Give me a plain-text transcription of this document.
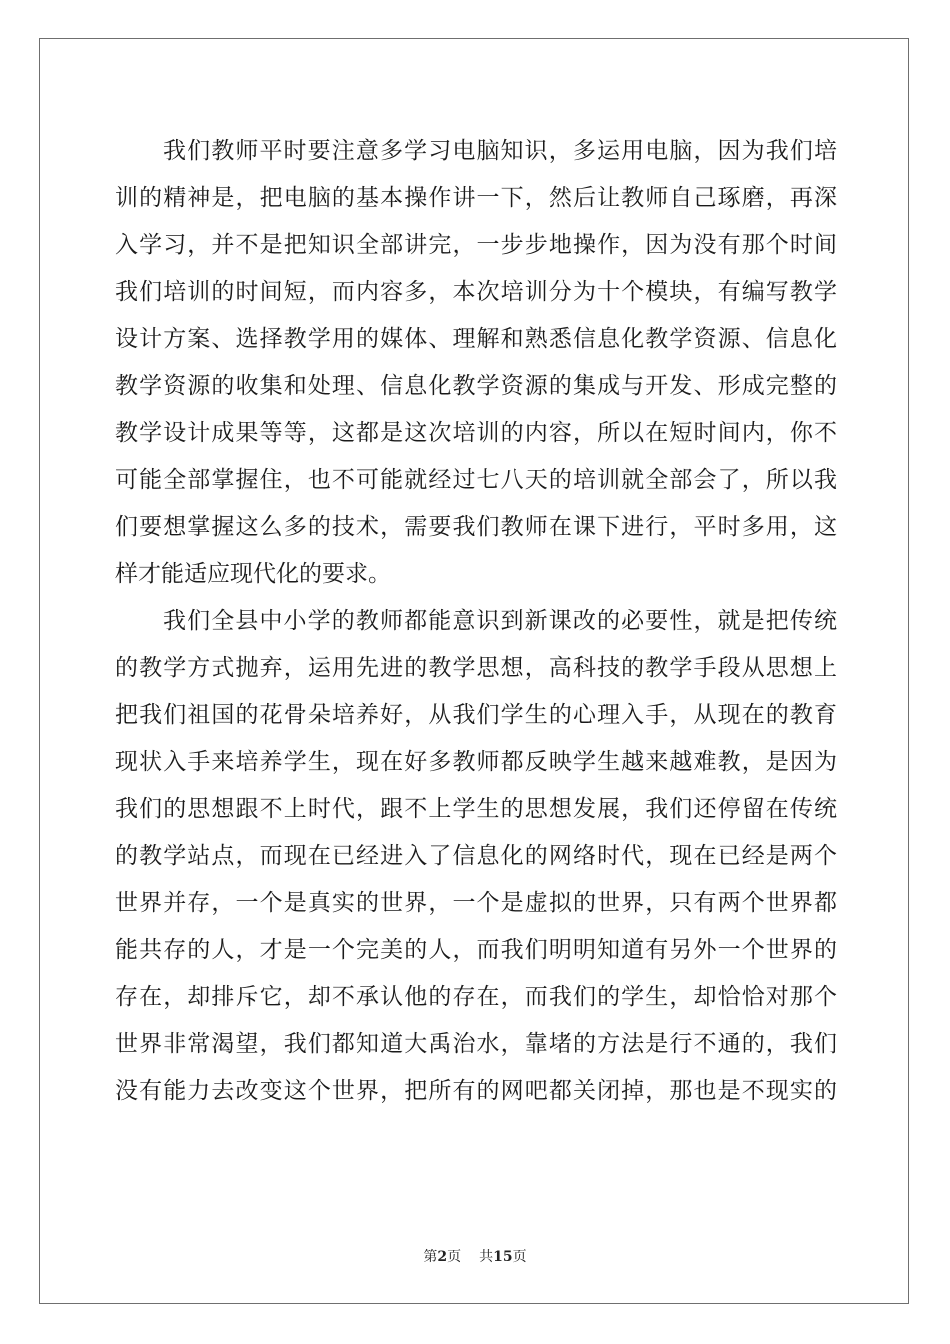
我们教师平时要注意多学习电脑知识，多运用电脑，因为我们培
训的精神是，把电脑的基本操作讲一下，然后让教师自己琢磨，再深
入学习，并不是把知识全部讲完，一步步地操作，因为没有那个时间
我们培训的时间短，而内容多，本次培训分为十个模块，有编写教学
设计方案、选择教学用的媒体、理解和熟悉信息化教学资源、信息化
教学资源的收集和处理、信息化教学资源的集成与开发、形成完整的
教学设计成果等等，这都是这次培训的内容，所以在短时间内，你不
可能全部掌握住，也不可能就经过七八天的培训就全部会了，所以我
们要想掌握这么多的技术，需要我们教师在课下进行，平时多用，这
样才能适应现代化的要求。
我们全县中小学的教师都能意识到新课改的必要性，就是把传统
的教学方式抛弃，运用先进的教学思想，高科技的教学手段从思想上
把我们祖国的花骨朵培养好，从我们学生的心理入手，从现在的教育
现状入手来培养学生，现在好多教师都反映学生越来越难教，是因为
我们的思想跟不上时代，跟不上学生的思想发展，我们还停留在传统
的教学站点，而现在已经进入了信息化的网络时代，现在已经是两个
世界并存，一个是真实的世界，一个是虚拟的世界，只有两个世界都
能共存的人，才是一个完美的人，而我们明明知道有另外一个世界的
存在，却排斥它，却不承认他的存在，而我们的学生，却恰恰对那个
世界非常渴望，我们都知道大禹治水，靠堵的方法是行不通的，我们
没有能力去改变这个世界，把所有的网吧都关闭掉，那也是不现实的
第2页 共15页
